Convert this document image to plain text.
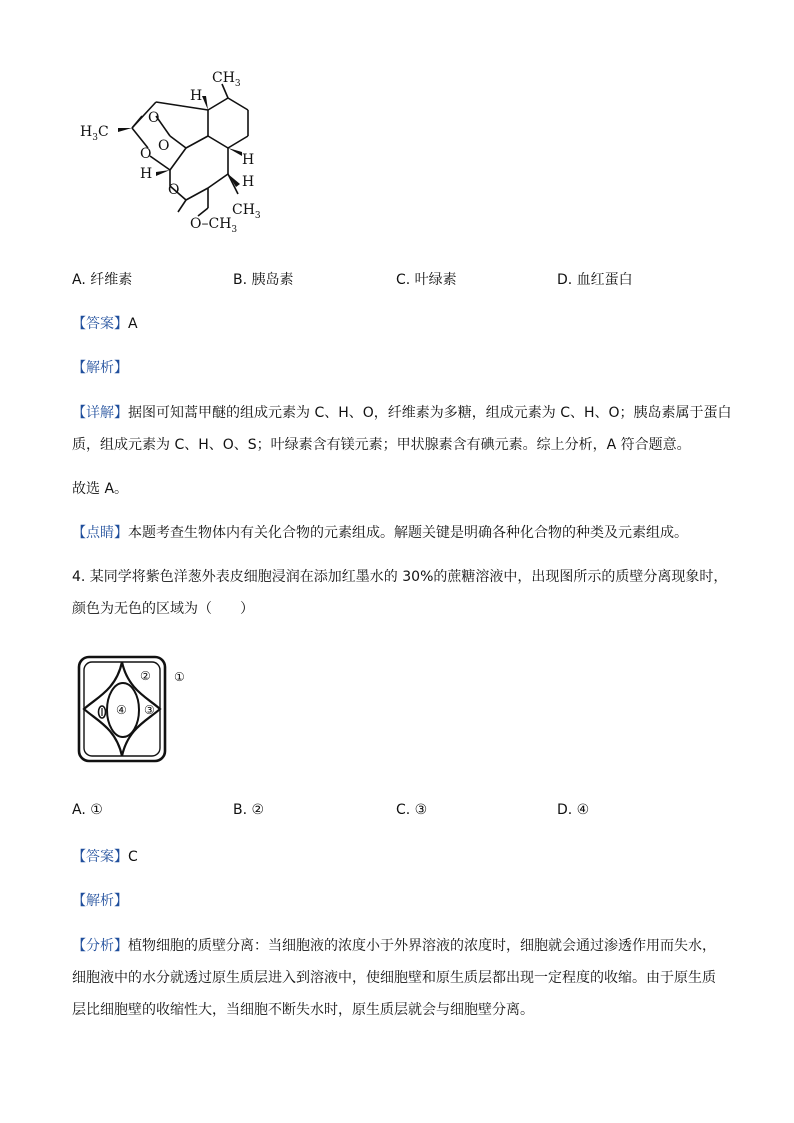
$CH_3$
H
$H_3C$
O
O O
H
H
H
O
$CH_3$
$O-CH_3$
A. 纤维素	B. 胰岛素	C. 叶绿素	D. 血红蛋白
【答案】A
【解析】
【详解】据图可知蒿甲醚的组成元素为 C、H、O，纤维素为多糖，组成元素为 C、H、O；胰岛素属于蛋白
质，组成元素为 C、H、O、S；叶绿素含有镁元素；甲状腺素含有碘元素。综上分析，A 符合题意。
故选 A。
【点睛】本题考查生物体内有关化合物的元素组成。解题关键是明确各种化合物的种类及元素组成。
4. 某同学将紫色洋葱外表皮细胞浸润在添加红墨水的 30%的蔗糖溶液中，出现图所示的质壁分离现象时，
颜色为无色的区域为（　　）
①
②
③
④
A. ①	B. ②	C. ③	D. ④
【答案】C
【解析】
【分析】植物细胞的质壁分离：当细胞液的浓度小于外界溶液的浓度时，细胞就会通过渗透作用而失水，
细胞液中的水分就透过原生质层进入到溶液中，使细胞壁和原生质层都出现一定程度的收缩。由于原生质
层比细胞壁的收缩性大，当细胞不断失水时，原生质层就会与细胞壁分离。
